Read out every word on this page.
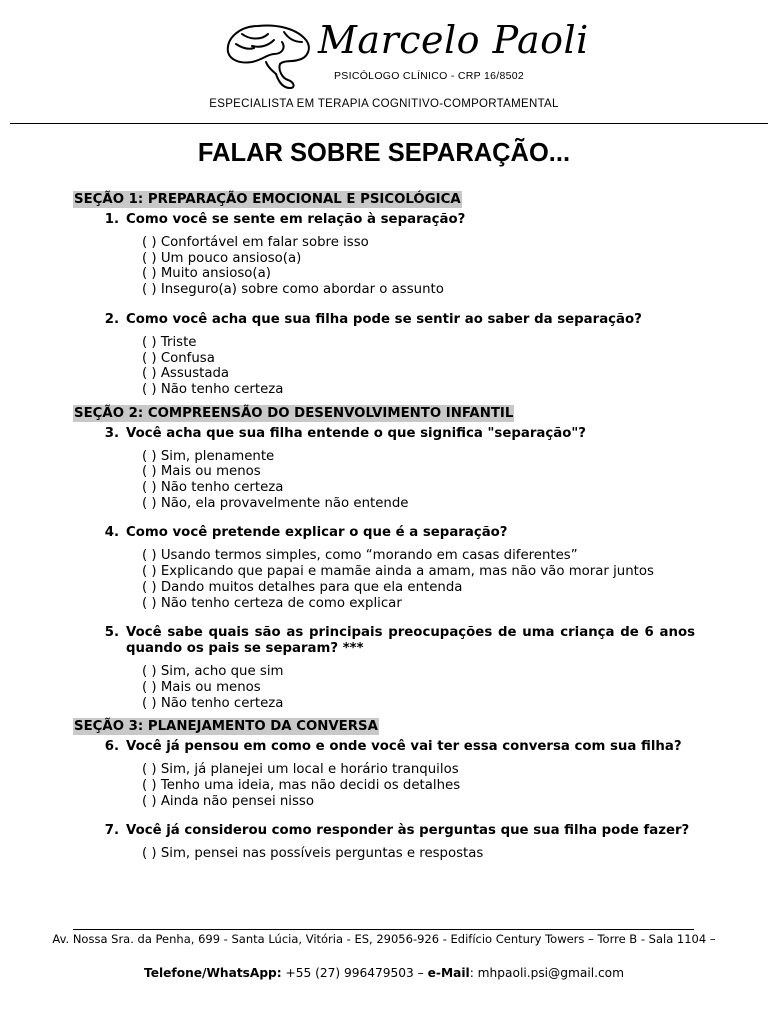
Marcelo Paoli
PSICÓLOGO CLÍNICO - CRP 16/8502
ESPECIALISTA EM TERAPIA COGNITIVO-COMPORTAMENTAL
FALAR SOBRE SEPARAÇÃO...
SEÇÃO 1: PREPARAÇÃO EMOCIONAL E PSICOLÓGICA
1. Como você se sente em relação à separação?
( ) Confortável em falar sobre isso
( ) Um pouco ansioso(a)
( ) Muito ansioso(a)
( ) Inseguro(a) sobre como abordar o assunto
2. Como você acha que sua filha pode se sentir ao saber da separação?
( ) Triste
( ) Confusa
( ) Assustada
( ) Não tenho certeza
SEÇÃO 2: COMPREENSÃO DO DESENVOLVIMENTO INFANTIL
3. Você acha que sua filha entende o que significa "separação"?
( ) Sim, plenamente
( ) Mais ou menos
( ) Não tenho certeza
( ) Não, ela provavelmente não entende
4. Como você pretende explicar o que é a separação?
( ) Usando termos simples, como “morando em casas diferentes”
( ) Explicando que papai e mamãe ainda a amam, mas não vão morar juntos
( ) Dando muitos detalhes para que ela entenda
( ) Não tenho certeza de como explicar
5. Você sabe quais são as principais preocupações de uma criança de 6 anos quando os pais se separam? ***
( ) Sim, acho que sim
( ) Mais ou menos
( ) Não tenho certeza
SEÇÃO 3: PLANEJAMENTO DA CONVERSA
6. Você já pensou em como e onde você vai ter essa conversa com sua filha?
( ) Sim, já planejei um local e horário tranquilos
( ) Tenho uma ideia, mas não decidi os detalhes
( ) Ainda não pensei nisso
7. Você já considerou como responder às perguntas que sua filha pode fazer?
( ) Sim, pensei nas possíveis perguntas e respostas
Av. Nossa Sra. da Penha, 699 - Santa Lúcia, Vitória - ES, 29056-926 - Edifício Century Towers – Torre B - Sala 1104 –
Telefone/WhatsApp: +55 (27) 996479503 – e-Mail: mhpaoli.psi@gmail.com
